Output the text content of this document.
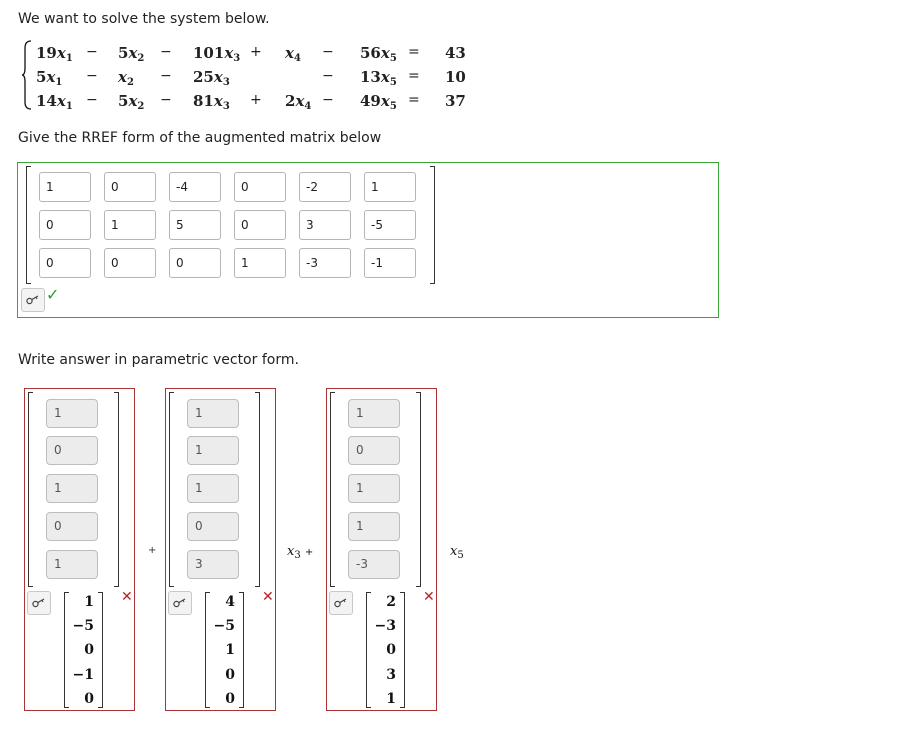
We want to solve the system below.
$19x_1 - 5x_2 - 101x_3 + x_4 - 56x_5 = 43$
$5x_1 - x_2 - 25x_3$	− $13x_5 = 10$
$14x_1 - 5x_2 - 81x_3 + 2x_4 - 49x_5 = 37$
Give the RREF form of the augmented matrix below
1	0	-4	0	-2	1
0	1	5	0	3	-5
0	0	0	1	-3	-1
✓
Write answer in parametric vector form.
1
0
1
0
1
✕
1
−5
0
−1
0
1
1
1
0
3
✕
4
−5
1
0
0
1
0
1
1
-3
✕
2
−3
0
3
1
+	$x_3$ +	$x_5$
